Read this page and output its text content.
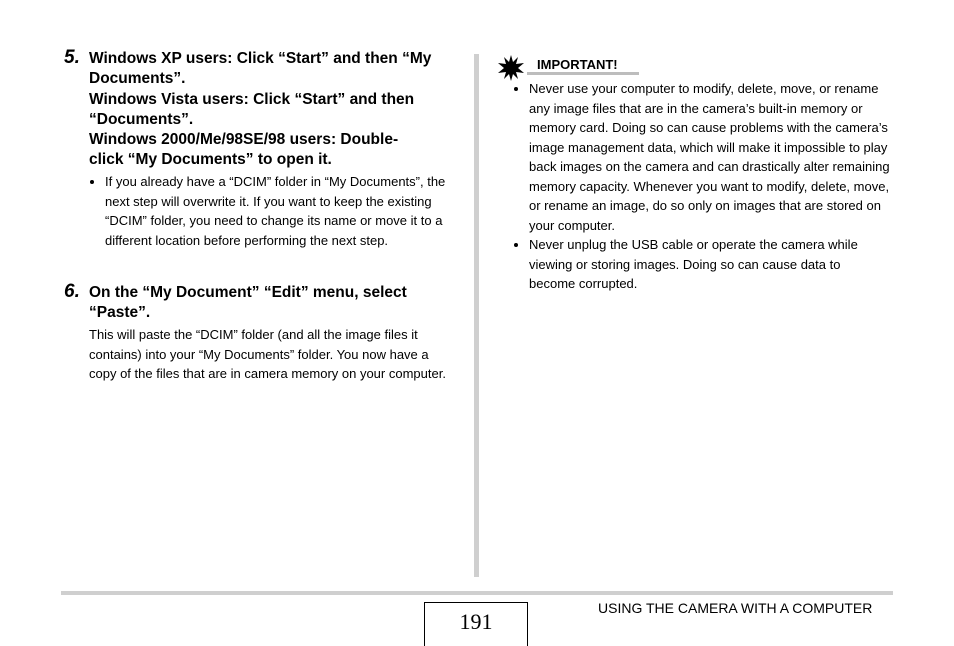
5. Windows XP users: Click “Start” and then “My
Documents”.
Windows Vista users: Click “Start” and then
“Documents”.
Windows 2000/Me/98SE/98 users: Double-
click “My Documents” to open it.
If you already have a “DCIM” folder in “My Documents”, the next step will overwrite it. If you want to keep the existing “DCIM” folder, you need to change its name or move it to a different location before performing the next step.
6. On the “My Document” “Edit” menu, select
“Paste”.
This will paste the “DCIM” folder (and all the image files it contains) into your “My Documents” folder. You now have a copy of the files that are in camera memory on your computer.
IMPORTANT!
Never use your computer to modify, delete, move, or rename any image files that are in the camera’s built-in memory or memory card. Doing so can cause problems with the camera’s image management data, which will make it impossible to play back images on the camera and can drastically alter remaining memory capacity. Whenever you want to modify, delete, move, or rename an image, do so only on images that are stored on your computer.
Never unplug the USB cable or operate the camera while viewing or storing images. Doing so can cause data to become corrupted.
191
USING THE CAMERA WITH A COMPUTER
